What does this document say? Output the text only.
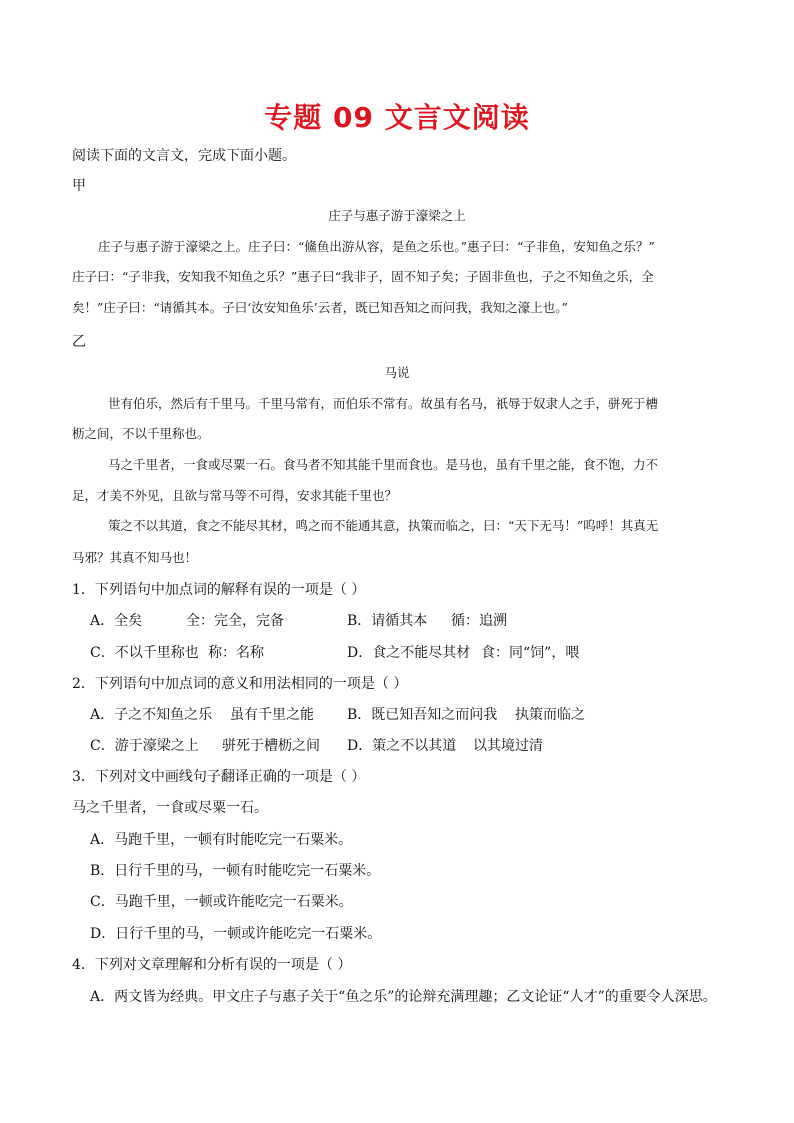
专题 09 文言文阅读
阅读下面的文言文，完成下面小题。
甲
庄子与惠子游于濠梁之上
庄子与惠子游于濠梁之上。庄子曰：“鯈鱼出游从容，是鱼之乐也。”惠子曰：“子非鱼，安知鱼之乐？”
庄子曰：“子非我，安知我不知鱼之乐？”惠子曰“我非子，固不知子矣；子固非鱼也，子之不知鱼之乐，全
矣！”庄子曰：“请循其本。子曰‘汝安知鱼乐’云者，既已知吾知之而问我，我知之濠上也。”
乙
马说
世有伯乐，然后有千里马。千里马常有，而伯乐不常有。故虽有名马，祇辱于奴隶人之手，骈死于槽
枥之间，不以千里称也。
马之千里者，一食或尽粟一石。食马者不知其能千里而食也。是马也，虽有千里之能，食不饱，力不
足，才美不外见，且欲与常马等不可得，安求其能千里也？
策之不以其道，食之不能尽其材，鸣之而不能通其意，执策而临之，曰：“天下无马！”呜呼！其真无
马邪？其真不知马也！
1．下列语句中加点词的解释有误的一项是（ ）
A．全矣	全：完全，完备	B．请循其本 循：追溯
C．不以千里称也 称：名称	D．食之不能尽其材 食：同“饲”，喂
2．下列语句中加点词的意义和用法相同的一项是（ ）
A．子之不知鱼之乐 虽有千里之能 B．既已知吾知之而问我 执策而临之
C．游于濠梁之上 骈死于槽枥之间 D．策之不以其道 以其境过清
3．下列对文中画线句子翻译正确的一项是（ ）
马之千里者，一食或尽粟一石。
A．马跑千里，一顿有时能吃完一石粟米。
B．日行千里的马，一顿有时能吃完一石粟米。
C．马跑千里，一顿或许能吃完一石粟米。
D．日行千里的马，一顿或许能吃完一石粟米。
4．下列对文章理解和分析有误的一项是（ ）
A．两文皆为经典。甲文庄子与惠子关于“鱼之乐”的论辩充满理趣；乙文论证“人才”的重要令人深思。
